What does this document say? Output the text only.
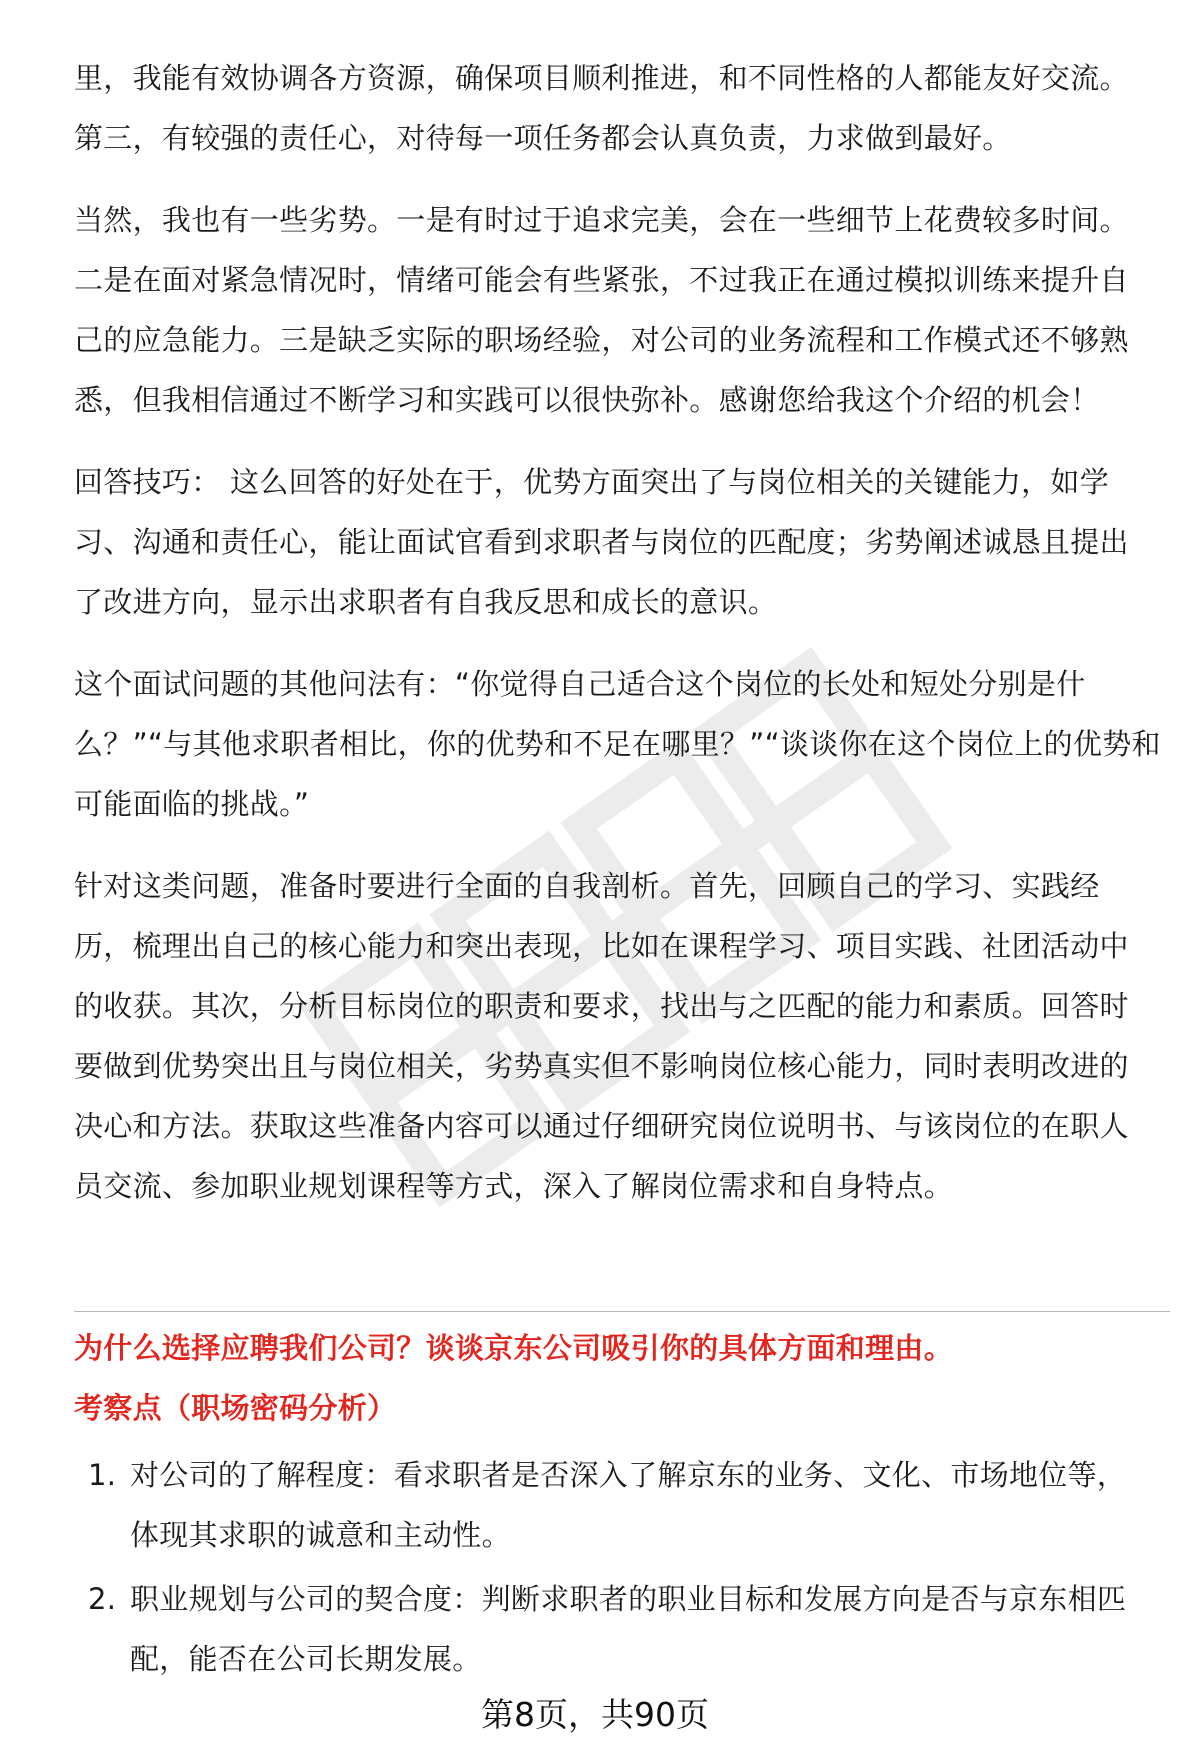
里，我能有效协调各方资源，确保项目顺利推进，和不同性格的人都能友好交流。
第三，有较强的责任心，对待每一项任务都会认真负责，力求做到最好。

当然，我也有一些劣势。一是有时过于追求完美，会在一些细节上花费较多时间。
二是在面对紧急情况时，情绪可能会有些紧张，不过我正在通过模拟训练来提升自
己的应急能力。三是缺乏实际的职场经验，对公司的业务流程和工作模式还不够熟
悉，但我相信通过不断学习和实践可以很快弥补。感谢您给我这个介绍的机会！

回答技巧： 这么回答的好处在于，优势方面突出了与岗位相关的关键能力，如学
习、沟通和责任心，能让面试官看到求职者与岗位的匹配度；劣势阐述诚恳且提出
了改进方向，显示出求职者有自我反思和成长的意识。

这个面试问题的其他问法有：“你觉得自己适合这个岗位的长处和短处分别是什
么？”“与其他求职者相比，你的优势和不足在哪里？”“谈谈你在这个岗位上的优势和
可能面临的挑战。”

针对这类问题，准备时要进行全面的自我剖析。首先，回顾自己的学习、实践经
历，梳理出自己的核心能力和突出表现，比如在课程学习、项目实践、社团活动中
的收获。其次，分析目标岗位的职责和要求，找出与之匹配的能力和素质。回答时
要做到优势突出且与岗位相关，劣势真实但不影响岗位核心能力，同时表明改进的
决心和方法。获取这些准备内容可以通过仔细研究岗位说明书、与该岗位的在职人
员交流、参加职业规划课程等方式，深入了解岗位需求和自身特点。

为什么选择应聘我们公司？谈谈京东公司吸引你的具体方面和理由。
考察点（职场密码分析）
1. 对公司的了解程度：看求职者是否深入了解京东的业务、文化、市场地位等，
体现其求职的诚意和主动性。
2. 职业规划与公司的契合度：判断求职者的职业目标和发展方向是否与京东相匹
配，能否在公司长期发展。
第8页，共90页
